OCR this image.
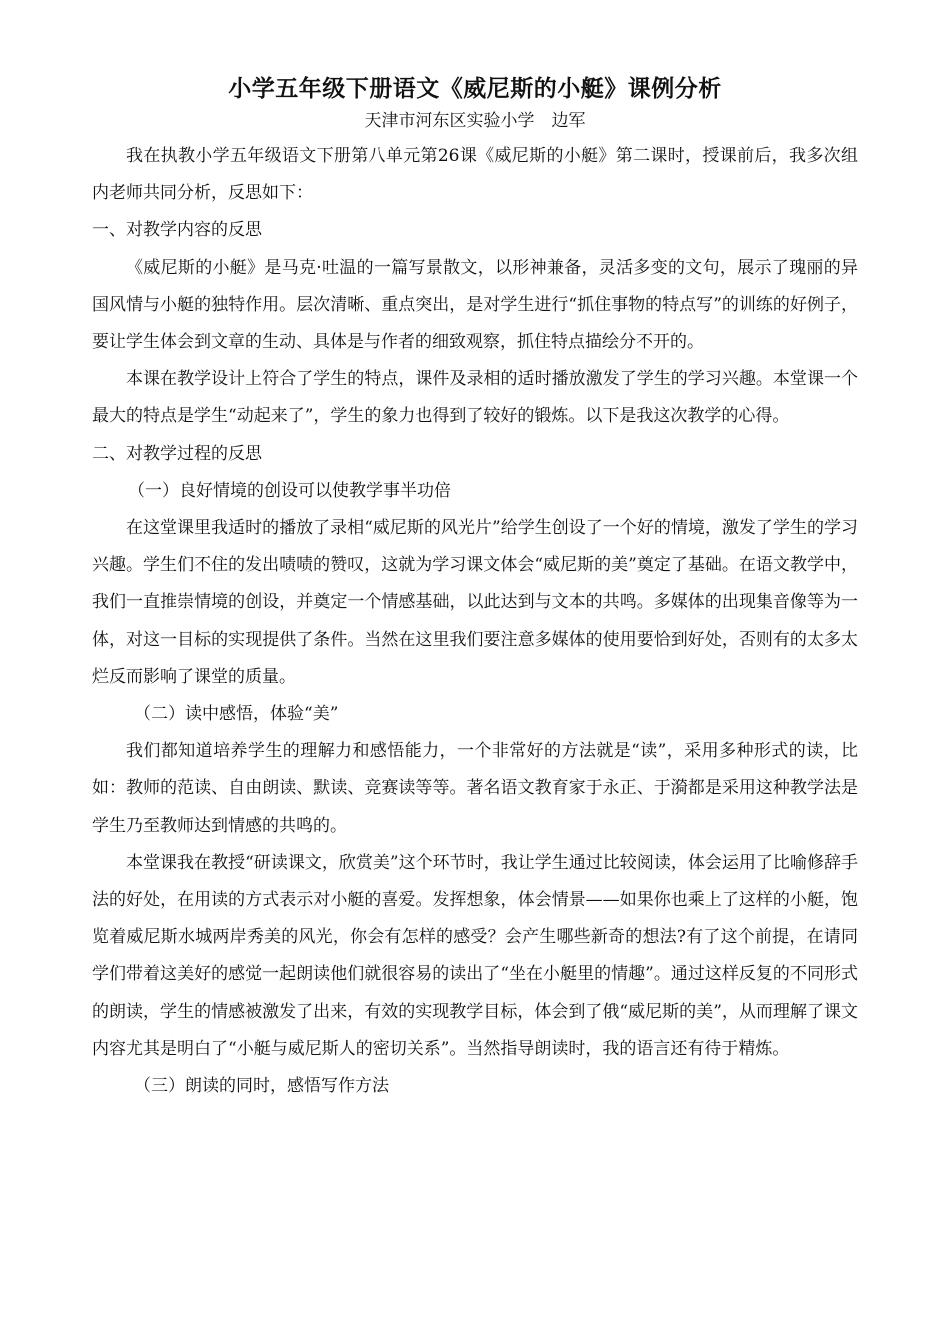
小学五年级下册语文《威尼斯的小艇》课例分析

天津市河东区实验小学　边军

我在执教小学五年级语文下册第八单元第26课《威尼斯的小艇》第二课时，授课前后，我多次组内老师共同分析，反思如下：

一、对教学内容的反思

《威尼斯的小艇》是马克·吐温的一篇写景散文，以形神兼备，灵活多变的文句，展示了瑰丽的异国风情与小艇的独特作用。层次清晰、重点突出，是对学生进行“抓住事物的特点写”的训练的好例子，要让学生体会到文章的生动、具体是与作者的细致观察，抓住特点描绘分不开的。

本课在教学设计上符合了学生的特点，课件及录相的适时播放激发了学生的学习兴趣。本堂课一个最大的特点是学生“动起来了”，学生的象力也得到了较好的锻炼。以下是我这次教学的心得。

二、对教学过程的反思

（一）良好情境的创设可以使教学事半功倍

在这堂课里我适时的播放了录相“威尼斯的风光片”给学生创设了一个好的情境，激发了学生的学习兴趣。学生们不住的发出啧啧的赞叹，这就为学习课文体会“威尼斯的美”奠定了基础。在语文教学中，我们一直推崇情境的创设，并奠定一个情感基础，以此达到与文本的共鸣。多媒体的出现集音像等为一体，对这一目标的实现提供了条件。当然在这里我们要注意多媒体的使用要恰到好处，否则有的太多太烂反而影响了课堂的质量。

（二）读中感悟，体验“美”

我们都知道培养学生的理解力和感悟能力，一个非常好的方法就是“读”，采用多种形式的读，比如：教师的范读、自由朗读、默读、竞赛读等等。著名语文教育家于永正、于漪都是采用这种教学法是学生乃至教师达到情感的共鸣的。

本堂课我在教授“研读课文，欣赏美”这个环节时，我让学生通过比较阅读，体会运用了比喻修辞手法的好处，在用读的方式表示对小艇的喜爱。发挥想象，体会情景——如果你也乘上了这样的小艇，饱览着威尼斯水城两岸秀美的风光，你会有怎样的感受？会产生哪些新奇的想法?有了这个前提，在请同学们带着这美好的感觉一起朗读他们就很容易的读出了“坐在小艇里的情趣”。通过这样反复的不同形式的朗读，学生的情感被激发了出来，有效的实现教学目标，体会到了俄“威尼斯的美”，从而理解了课文内容尤其是明白了“小艇与威尼斯人的密切关系”。当然指导朗读时，我的语言还有待于精炼。

（三）朗读的同时，感悟写作方法
